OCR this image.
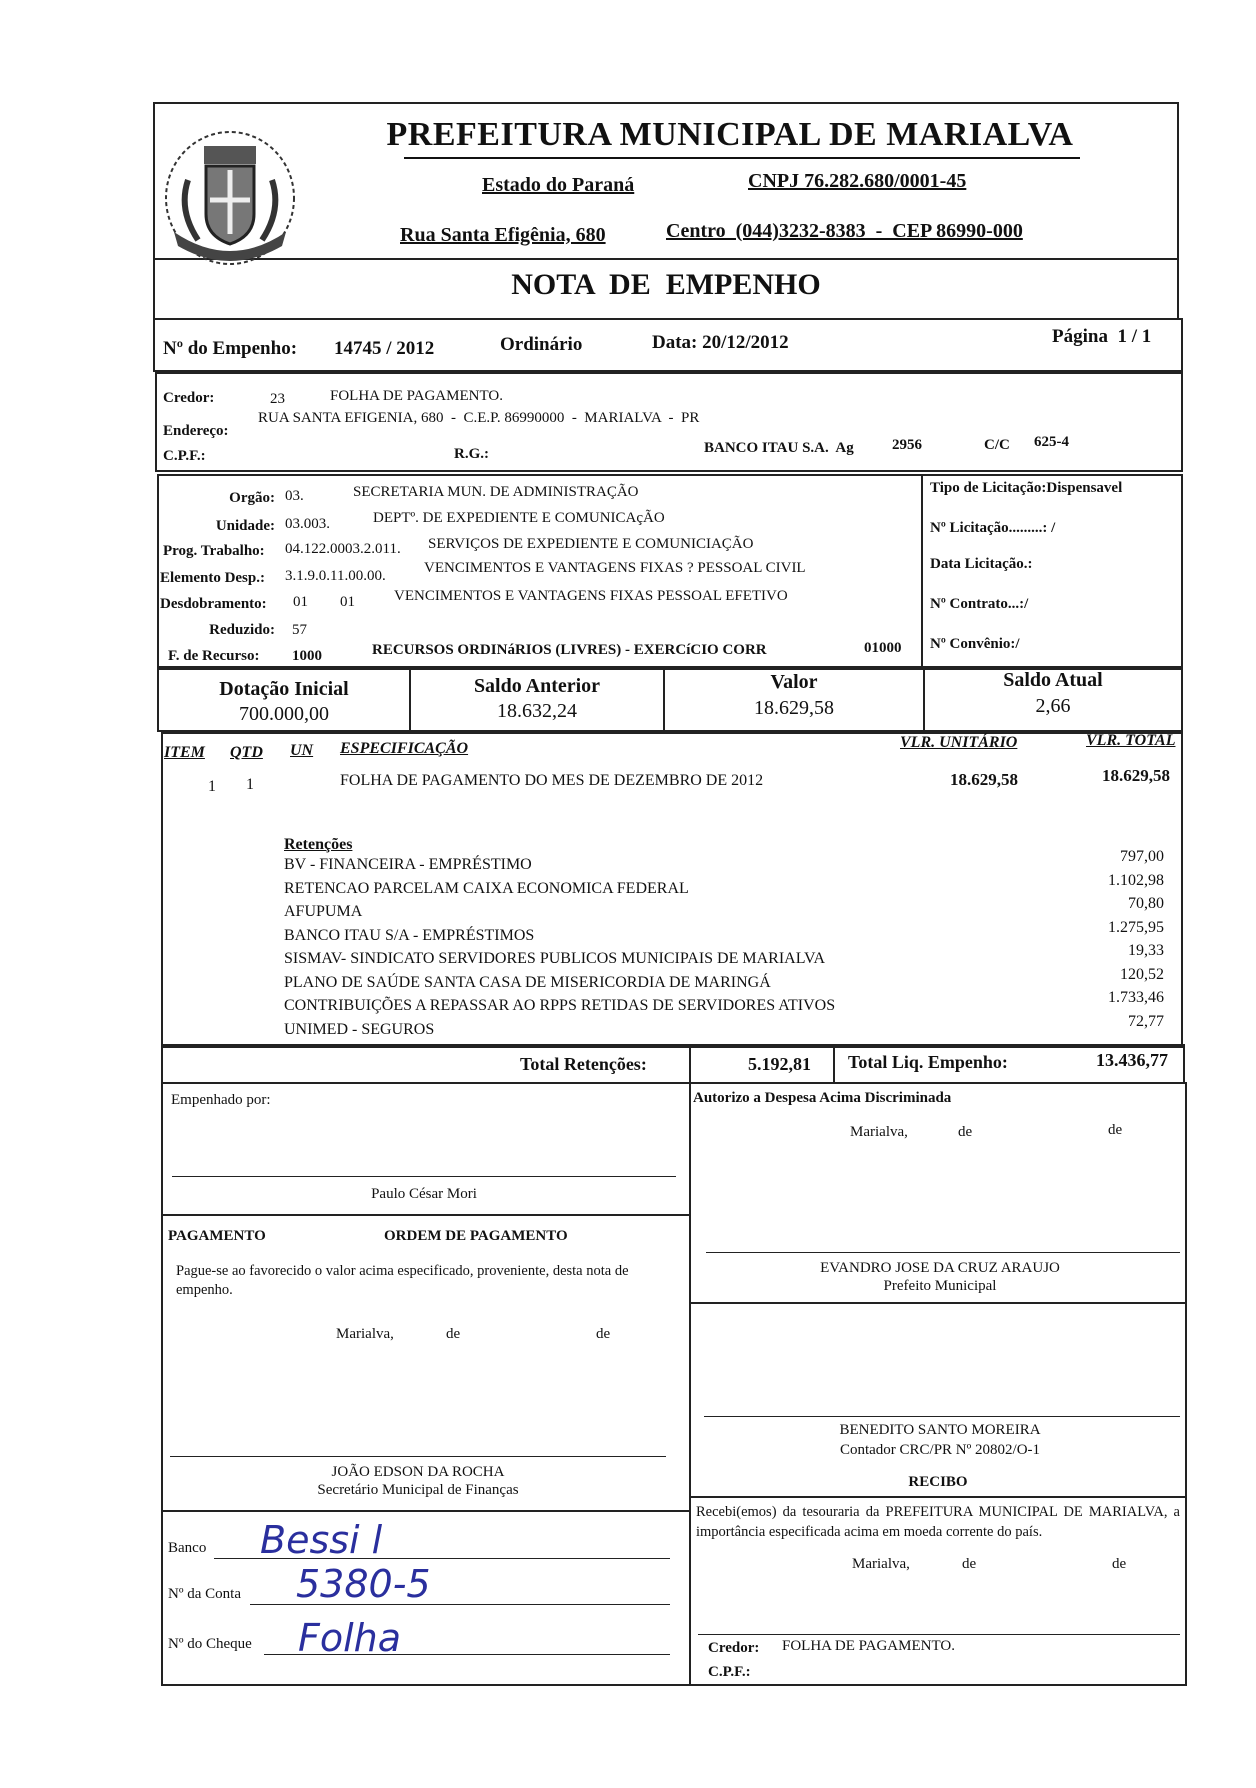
PREFEITURA MUNICIPAL DE MARIALVA
Estado do Paraná	CNPJ 76.282.680/0001-45
Rua Santa Efigênia, 680	Centro  (044)3232-8383  -  CEP 86990-000
NOTA  DE  EMPENHO
Nº do Empenho: 14745 / 2012	Ordinário	Data: 20/12/2012	Página  1 / 1
Credor:	23	FOLHA DE PAGAMENTO.
Endereço:
RUA SANTA EFIGENIA, 680  -  C.E.P. 86990000  -  MARIALVA  -  PR
C.P.F.:	R.G.:	BANCO ITAU S.A.  Ag	2956	C/C 625-4
Orgão: 03.	SECRETARIA MUN. DE ADMINISTRAÇÃO
Unidade: 03.003.	DEPTº. DE EXPEDIENTE E COMUNICAçÃO
Prog. Trabalho: 04.122.0003.2.011. SERVIÇOS DE EXPEDIENTE E COMUNICIAÇÃO
Elemento Desp.: 3.1.9.0.11.00.00.	VENCIMENTOS E VANTAGENS FIXAS ? PESSOAL CIVIL
Desdobramento: 01 01	VENCIMENTOS E VANTAGENS FIXAS PESSOAL EFETIVO
Reduzido: 57
F. de Recurso: 1000	RECURSOS ORDINáRIOS (LIVRES) - EXERCíCIO CORR	01000
Tipo de Licitação:Dispensavel
Nº Licitação.........: /
Data Licitação.:
Nº Contrato...:/
Nº Convênio:/
Dotação Inicial
700.000,00
Saldo Anterior
18.632,24
Valor
18.629,58
Saldo Atual
2,66
ITEM QTD UN ESPECIFICAÇÃO	VLR. UNITÁRIO	VLR. TOTAL
1 1	FOLHA DE PAGAMENTO DO MES DE DEZEMBRO DE 2012	18.629,58	18.629,58
Retenções
BV - FINANCEIRA - EMPRÉSTIMO	797,00
RETENCAO PARCELAM CAIXA ECONOMICA FEDERAL	1.102,98
AFUPUMA	70,80
BANCO ITAU S/A - EMPRÉSTIMOS	1.275,95
SISMAV- SINDICATO SERVIDORES PUBLICOS MUNICIPAIS DE MARIALVA	19,33
PLANO DE SAÚDE SANTA CASA DE MISERICORDIA DE MARINGÁ	120,52
CONTRIBUIÇÕES A REPASSAR AO RPPS RETIDAS DE SERVIDORES ATIVOS	1.733,46
UNIMED - SEGUROS	72,77
Total Retenções:	5.192,81 Total Liq. Empenho:	13.436,77
Empenhado por:
Paulo César Mori
PAGAMENTO	ORDEM DE PAGAMENTO
Pague-se ao favorecido o valor acima especificado, proveniente, desta nota de empenho.
Marialva,	de	de
JOÃO EDSON DA ROCHA
Secretário Municipal de Finanças
Banco Bessi l
Nº da Conta 5380-5
Nº do Cheque Folha
Autorizo a Despesa Acima Discriminada
Marialva,	de	de
EVANDRO JOSE DA CRUZ ARAUJO
Prefeito Municipal
BENEDITO SANTO MOREIRA
Contador CRC/PR Nº 20802/O-1
RECIBO
Recebi(emos) da tesouraria da PREFEITURA MUNICIPAL DE MARIALVA, a importância especificada acima em moeda corrente do país.
Marialva,	de	de
Credor: FOLHA DE PAGAMENTO.
C.P.F.:
